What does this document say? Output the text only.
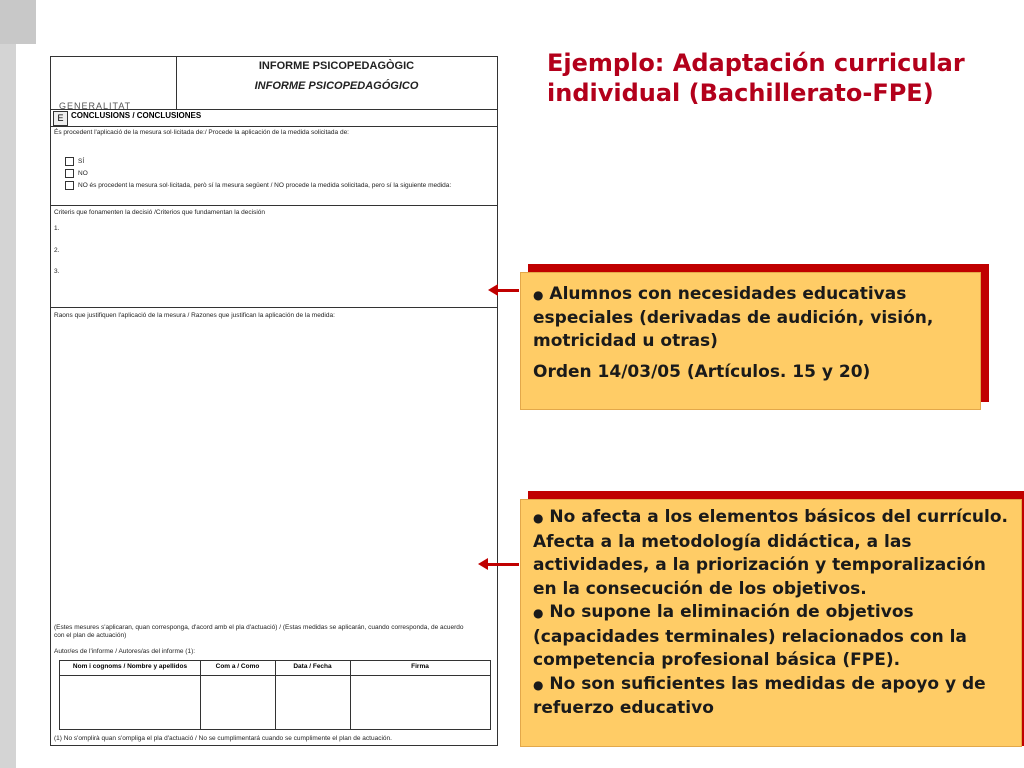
GENERALITAT
INFORME PSICOPEDAGÒGIC
INFORME PSICOPEDAGÓGICO
E CONCLUSIONS / CONCLUSIONES
És procedent l'aplicació de la mesura sol·licitada de:/ Procede la aplicación de la medida solicitada de:
SÍ
NO
NO és procedent la mesura sol·licitada, però sí la mesura següent / NO procede la medida solicitada, pero sí la siguiente medida:
Criteris que fonamenten la decisió /Criterios que fundamentan la decisión
1.
2.
3.
Raons que justifiquen l'aplicació de la mesura / Razones que justifican la aplicación de la medida:
(Estes mesures s'aplicaran, quan corresponga, d'acord amb el pla d'actuació) / (Estas medidas se aplicarán, cuando corresponda, de acuerdo
con el plan de actuación)
Autor/es de l'informe / Autores/as del informe (1):
Nom i cognoms / Nombre y apellidos	Com a / Como	Data / Fecha	Firma
(1) No s'omplirà quan s'ompliga el pla d'actuació / No se cumplimentará cuando se cumplimente el plan de actuación.
Ejemplo: Adaptación curricular individual (Bachillerato-FPE)

● Alumnos con necesidades educativas especiales (derivadas de audición, visión, motricidad u otras)

Orden 14/03/05 (Artículos. 15 y 20)

● No afecta a los elementos básicos del currículo. Afecta a la metodología didáctica, a las actividades, a la priorización y temporalización en la consecución de los objetivos.

● No supone la eliminación de objetivos (capacidades terminales) relacionados con la competencia profesional básica (FPE).

● No son suficientes las medidas de apoyo y de refuerzo educativo
